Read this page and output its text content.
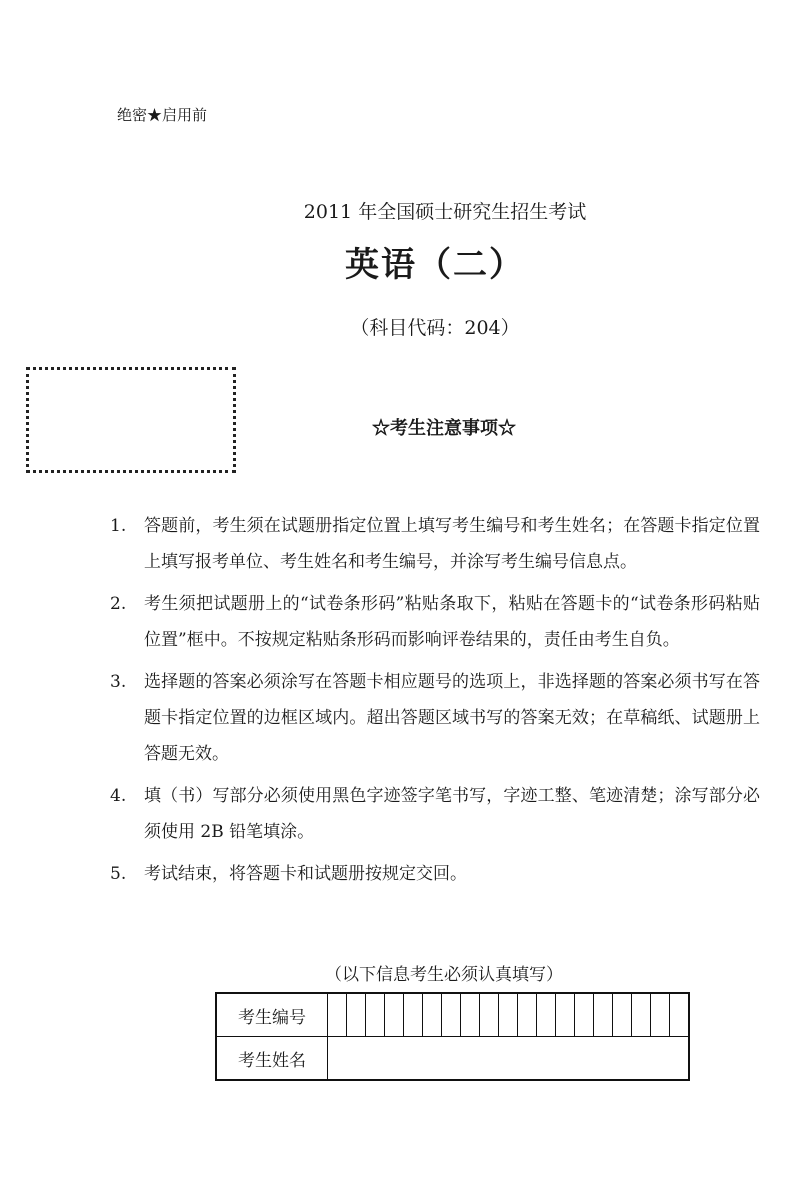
绝密★启用前
2011 年全国硕士研究生招生考试
英语（二）
（科目代码：204）
☆考生注意事项☆
1.	答题前，考生须在试题册指定位置上填写考生编号和考生姓名；在答题卡指定位置上填写报考单位、考生姓名和考生编号，并涂写考生编号信息点。
2.	考生须把试题册上的“试卷条形码”粘贴条取下，粘贴在答题卡的“试卷条形码粘贴位置”框中。不按规定粘贴条形码而影响评卷结果的，责任由考生自负。
3.	选择题的答案必须涂写在答题卡相应题号的选项上，非选择题的答案必须书写在答题卡指定位置的边框区域内。超出答题区域书写的答案无效；在草稿纸、试题册上答题无效。
4.	填（书）写部分必须使用黑色字迹签字笔书写，字迹工整、笔迹清楚；涂写部分必须使用 2B 铅笔填涂。
5.	考试结束，将答题卡和试题册按规定交回。
（以下信息考生必须认真填写）
考生编号																			
考生姓名																			
